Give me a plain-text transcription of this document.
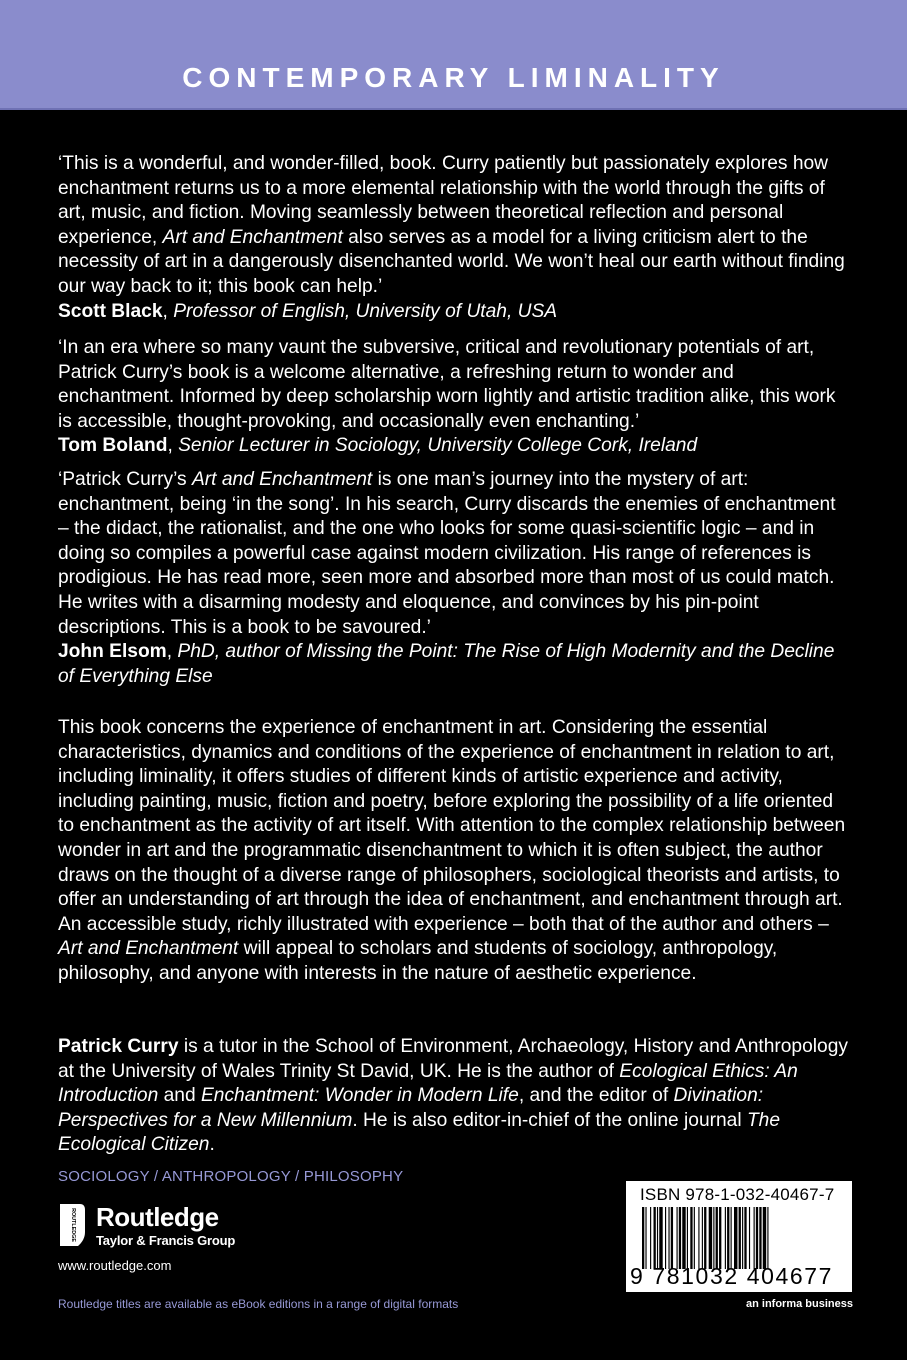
CONTEMPORARY LIMINALITY

‘This is a wonderful, and wonder-filled, book. Curry patiently but passionately explores how enchantment returns us to a more elemental relationship with the world through the gifts of art, music, and fiction. Moving seamlessly between theoretical reflection and personal experience, Art and Enchantment also serves as a model for a living criticism alert to the necessity of art in a dangerously disenchanted world. We won’t heal our earth without finding our way back to it; this book can help.’

Scott Black, Professor of English, University of Utah, USA

‘In an era where so many vaunt the subversive, critical and revolutionary potentials of art, Patrick Curry’s book is a welcome alternative, a refreshing return to wonder and enchantment. Informed by deep scholarship worn lightly and artistic tradition alike, this work is accessible, thought-provoking, and occasionally even enchanting.’

Tom Boland, Senior Lecturer in Sociology, University College Cork, Ireland

‘Patrick Curry’s Art and Enchantment is one man’s journey into the mystery of art: enchantment, being ‘in the song’. In his search, Curry discards the enemies of enchantment – the didact, the rationalist, and the one who looks for some quasi-scientific logic – and in doing so compiles a powerful case against modern civilization. His range of references is prodigious. He has read more, seen more and absorbed more than most of us could match. He writes with a disarming modesty and eloquence, and convinces by his pin-point descriptions. This is a book to be savoured.’

John Elsom, PhD, author of Missing the Point: The Rise of High Modernity and the Decline of Everything Else

This book concerns the experience of enchantment in art. Considering the essential characteristics, dynamics and conditions of the experience of enchantment in relation to art, including liminality, it offers studies of different kinds of artistic experience and activity, including painting, music, fiction and poetry, before exploring the possibility of a life oriented to enchantment as the activity of art itself. With attention to the complex relationship between wonder in art and the programmatic disenchantment to which it is often subject, the author draws on the thought of a diverse range of philosophers, sociological theorists and artists, to offer an understanding of art through the idea of enchantment, and enchantment through art. An accessible study, richly illustrated with experience – both that of the author and others – Art and Enchantment will appeal to scholars and students of sociology, anthropology, philosophy, and anyone with interests in the nature of aesthetic experience.

Patrick Curry is a tutor in the School of Environment, Archaeology, History and Anthropology at the University of Wales Trinity St David, UK. He is the author of Ecological Ethics: An Introduction and Enchantment: Wonder in Modern Life, and the editor of Divination: Perspectives for a New Millennium. He is also editor-in-chief of the online journal The Ecological Citizen.

SOCIOLOGY / ANTHROPOLOGY / PHILOSOPHY
ROUTLEDGE Routledge
Taylor & Francis Group
www.routledge.com
Routledge titles are available as eBook editions in a range of digital formats
ISBN 978-1-032-40467-7
9 781032 404677
an informa business
